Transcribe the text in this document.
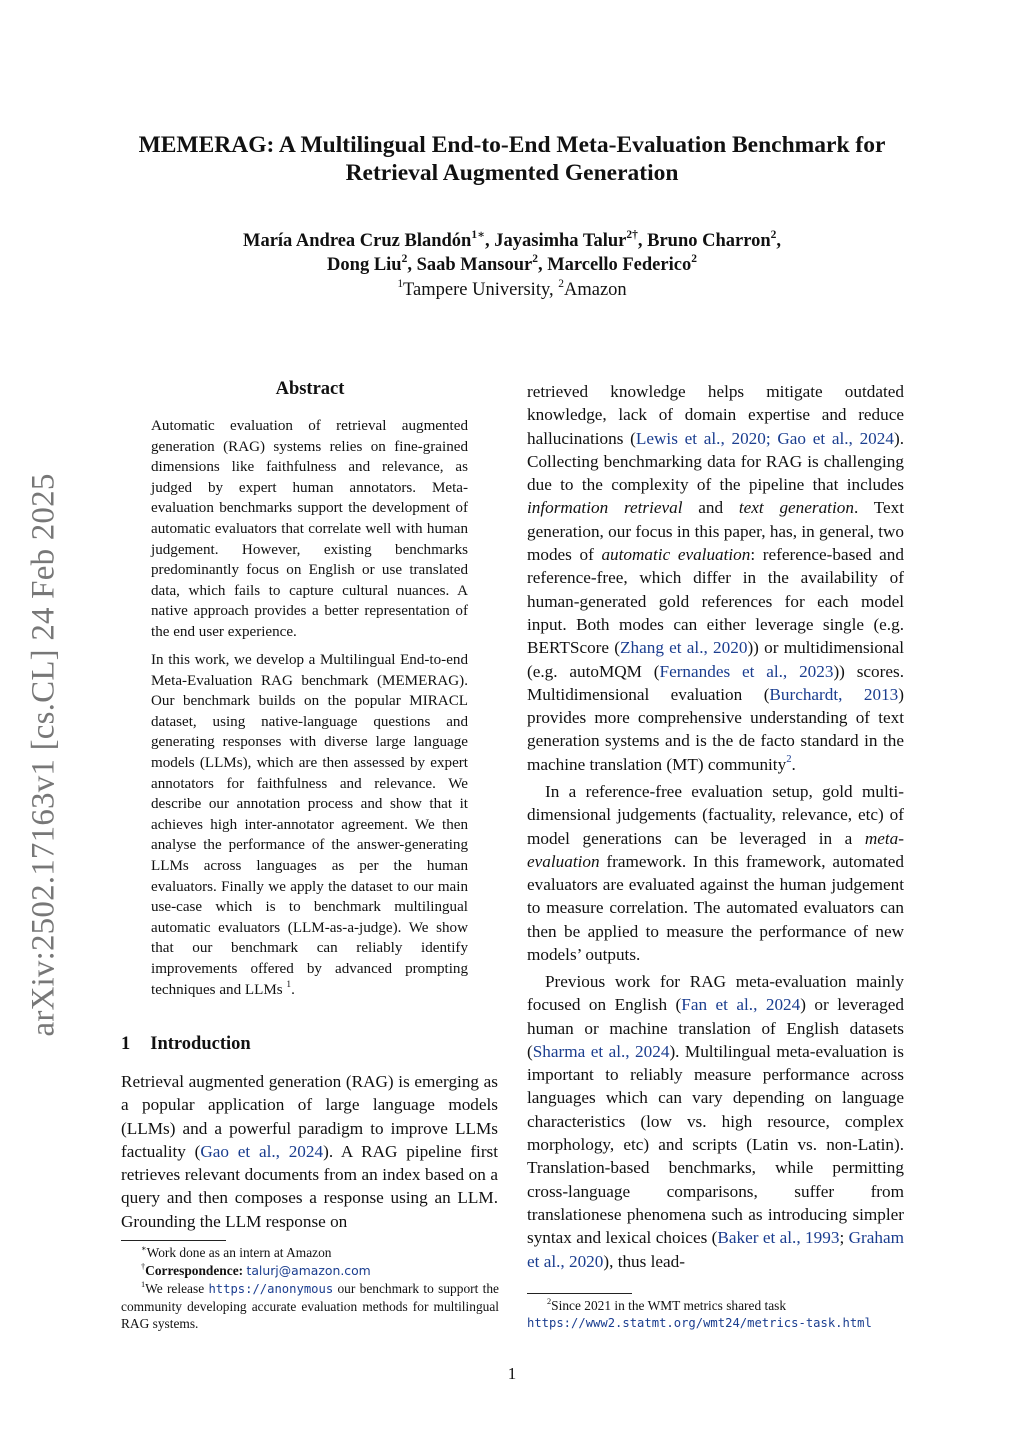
arXiv:2502.17163v1 [cs.CL] 24 Feb 2025
MEMERAG: A Multilingual End-to-End Meta-Evaluation Benchmark for
Retrieval Augmented Generation
María Andrea Cruz Blandón$^{1∗}$, Jayasimha Talur$^{2\dagger}$, Bruno Charron$^2$,
Dong Liu$^2$, Saab Mansour$^2$, Marcello Federico$^2$
$^1$Tampere University, $^2$Amazon
Abstract
Automatic evaluation of retrieval augmented generation (RAG) systems relies on fine-grained dimensions like faithfulness and relevance, as judged by expert human annotators. Meta-evaluation benchmarks support the development of automatic evaluators that correlate well with human judgement. However, existing benchmarks predominantly focus on English or use translated data, which fails to capture cultural nuances. A native approach provides a better representation of the end user experience.
In this work, we develop a Multilingual End-to-end Meta-Evaluation RAG benchmark (MEMERAG). Our benchmark builds on the popular MIRACL dataset, using native-language questions and generating responses with diverse large language models (LLMs), which are then assessed by expert annotators for faithfulness and relevance. We describe our annotation process and show that it achieves high inter-annotator agreement. We then analyse the performance of the answer-generating LLMs across languages as per the human evaluators. Finally we apply the dataset to our main use-case which is to benchmark multilingual automatic evaluators (LLM-as-a-judge). We show that our benchmark can reliably identify improvements offered by advanced prompting techniques and LLMs $^1$.
1 Introduction
Retrieval augmented generation (RAG) is emerging as a popular application of large language models (LLMs) and a powerful paradigm to improve LLMs factuality (Gao et al., 2024). A RAG pipeline first retrieves relevant documents from an index based on a query and then composes a response using an LLM. Grounding the LLM response on
retrieved knowledge helps mitigate outdated knowledge, lack of domain expertise and reduce hallucinations (Lewis et al., 2020; Gao et al., 2024). Collecting benchmarking data for RAG is challenging due to the complexity of the pipeline that includes information retrieval and text generation. Text generation, our focus in this paper, has, in general, two modes of automatic evaluation: reference-based and reference-free, which differ in the availability of human-generated gold references for each model input. Both modes can either leverage single (e.g. BERTScore (Zhang et al., 2020)) or multidimensional (e.g. autoMQM (Fernandes et al., 2023)) scores. Multidimensional evaluation (Burchardt, 2013) provides more comprehensive understanding of text generation systems and is the de facto standard in the machine translation (MT) community$^2$.
In a reference-free evaluation setup, gold multi-dimensional judgements (factuality, relevance, etc) of model generations can be leveraged in a meta-evaluation framework. In this framework, automated evaluators are evaluated against the human judgement to measure correlation. The automated evaluators can then be applied to measure the performance of new models’ outputs.
Previous work for RAG meta-evaluation mainly focused on English (Fan et al., 2024) or leveraged human or machine translation of English datasets (Sharma et al., 2024). Multilingual meta-evaluation is important to reliably measure performance across languages which can vary depending on language characteristics (low vs. high resource, complex morphology, etc) and scripts (Latin vs. non-Latin). Translation-based benchmarks, while permitting cross-language comparisons, suffer from translationese phenomena such as introducing simpler syntax and lexical choices (Baker et al., 1993; Graham et al., 2020), thus lead-
∗Work done as an intern at Amazon
†Correspondence: talurj@amazon.com
$^1$We release https://anonymous our benchmark to support the community developing accurate evaluation methods for multilingual RAG systems.
$^2$Since 2021 in the WMT metrics shared task https://www2.statmt.org/wmt24/metrics-task.html
1
